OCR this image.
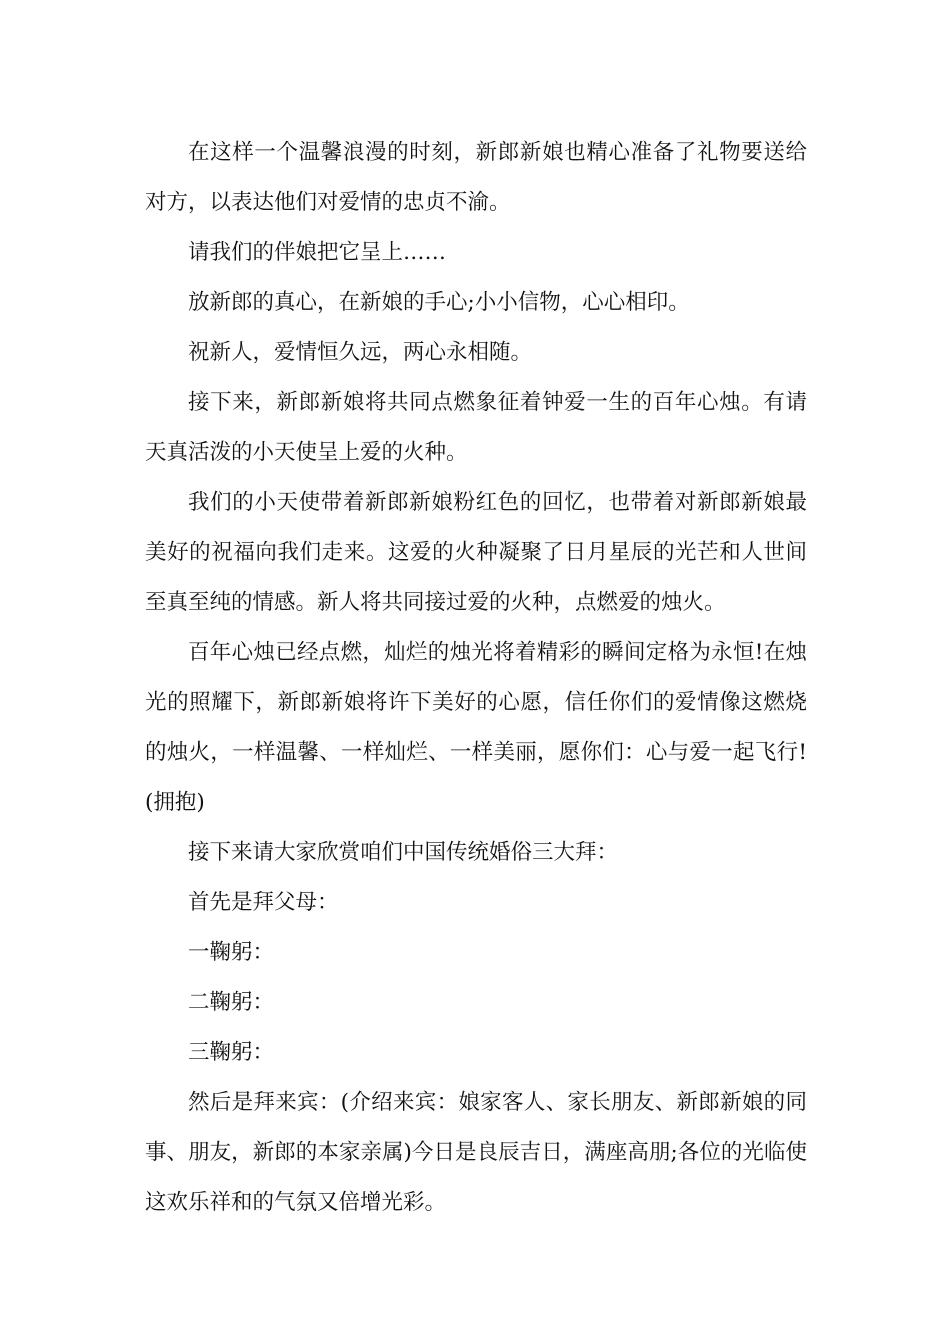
在这样一个温馨浪漫的时刻，新郎新娘也精心准备了礼物要送给对方，以表达他们对爱情的忠贞不渝。

请我们的伴娘把它呈上……

放新郎的真心，在新娘的手心;小小信物，心心相印。

祝新人，爱情恒久远，两心永相随。

接下来，新郎新娘将共同点燃象征着钟爱一生的百年心烛。有请天真活泼的小天使呈上爱的火种。

我们的小天使带着新郎新娘粉红色的回忆，也带着对新郎新娘最美好的祝福向我们走来。这爱的火种凝聚了日月星辰的光芒和人世间至真至纯的情感。新人将共同接过爱的火种，点燃爱的烛火。

百年心烛已经点燃，灿烂的烛光将着精彩的瞬间定格为永恒!在烛光的照耀下，新郎新娘将许下美好的心愿，信任你们的爱情像这燃烧的烛火，一样温馨、一样灿烂、一样美丽，愿你们：心与爱一起飞行!(拥抱)

接下来请大家欣赏咱们中国传统婚俗三大拜：

首先是拜父母：

一鞠躬：

二鞠躬：

三鞠躬：

然后是拜来宾：(介绍来宾：娘家客人、家长朋友、新郎新娘的同事、朋友，新郎的本家亲属)今日是良辰吉日，满座高朋;各位的光临使这欢乐祥和的气氛又倍增光彩。
